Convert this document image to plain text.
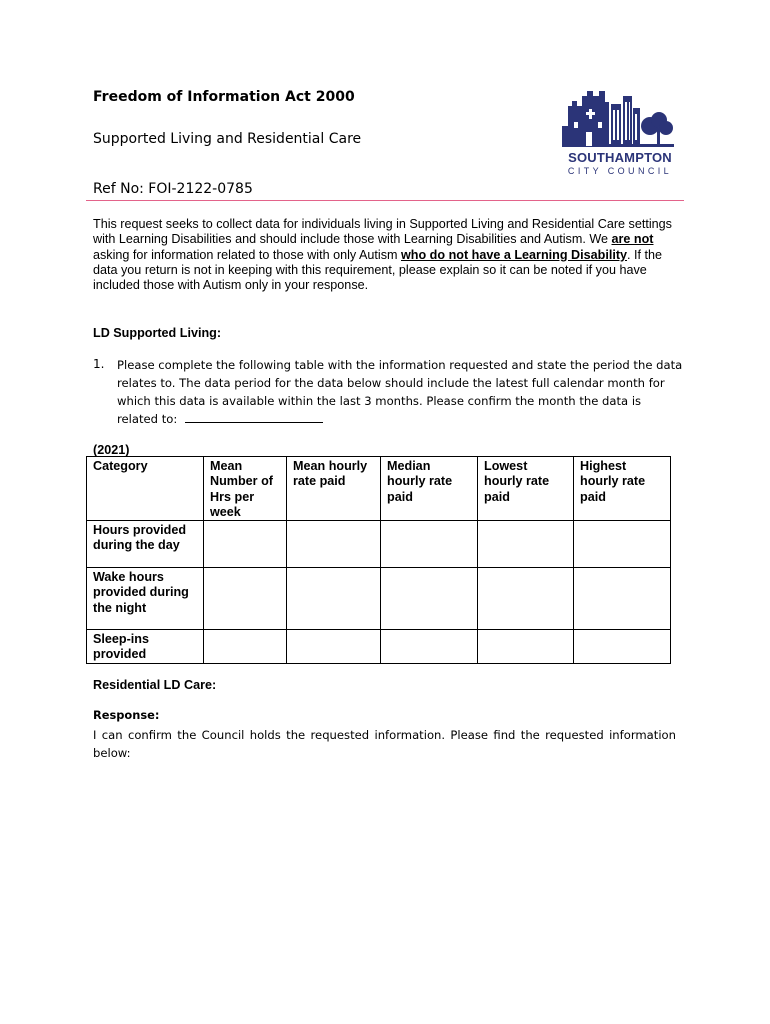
Freedom of Information Act 2000
Supported Living and Residential Care
Ref No: FOI-2122-0785
SOUTHAMPTON
CITY COUNCIL
This request seeks to collect data for individuals living in Supported Living and Residential Care settings with Learning Disabilities and should include those with Learning Disabilities and Autism. We are not asking for information related to those with only Autism who do not have a Learning Disability. If the data you return is not in keeping with this requirement, please explain so it can be noted if you have included those with Autism only in your response.
LD Supported Living:
1. Please complete the following table with the information requested and state the period the data relates to. The data period for the data below should include the latest full calendar month for which this data is available within the last 3 months. Please confirm the month the data is related to:
(2021)
Category	Mean Number of Hrs per week	Mean hourly rate paid	Median hourly rate paid	Lowest hourly rate paid	Highest hourly rate paid
Hours provided during the day					
Wake hours provided during the night					
Sleep-ins provided					
Residential LD Care:
Response:
I can confirm the Council holds the requested information. Please find the requested information below:
